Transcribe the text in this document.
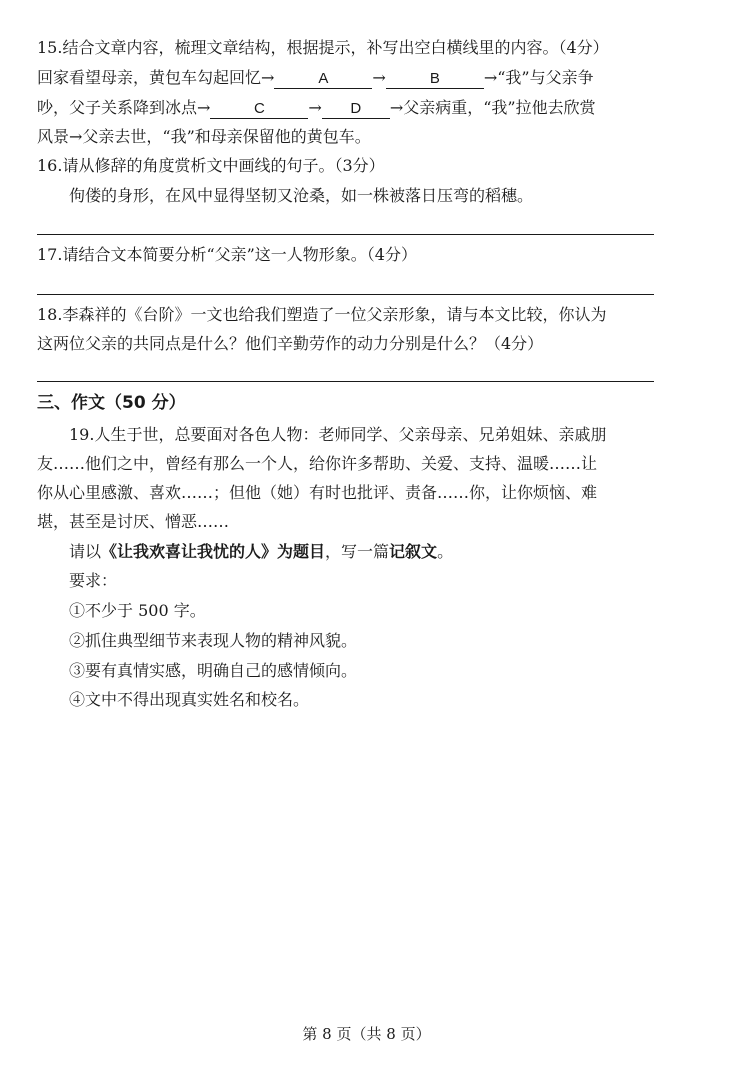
15.结合文章内容，梳理文章结构，根据提示，补写出空白横线里的内容。（4分）
回家看望母亲，黄包车勾起回忆→	A	→	B	→“我”与父亲争
吵，父子关系降到冰点→	C	→ D →父亲病重，“我”拉他去欣赏
风景→父亲去世，“我”和母亲保留他的黄包车。
16.请从修辞的角度赏析文中画线的句子。（3分）
佝偻的身形，在风中显得坚韧又沧桑，如一株被落日压弯的稻穗。
17.请结合文本简要分析“父亲”这一人物形象。（4分）
18.李森祥的《台阶》一文也给我们塑造了一位父亲形象，请与本文比较，你认为
这两位父亲的共同点是什么？他们辛勤劳作的动力分别是什么？（4分）
三、作文（50 分）
19.人生于世，总要面对各色人物：老师同学、父亲母亲、兄弟姐妹、亲戚朋
友……他们之中，曾经有那么一个人，给你许多帮助、关爱、支持、温暖……让
你从心里感激、喜欢……；但他（她）有时也批评、责备……你，让你烦恼、难
堪，甚至是讨厌、憎恶……
请以《让我欢喜让我忧的人》为题目，写一篇记叙文。
要求：
①不少于 500 字。
②抓住典型细节来表现人物的精神风貌。
③要有真情实感，明确自己的感情倾向。
④文中不得出现真实姓名和校名。
第 8 页（共 8 页）
